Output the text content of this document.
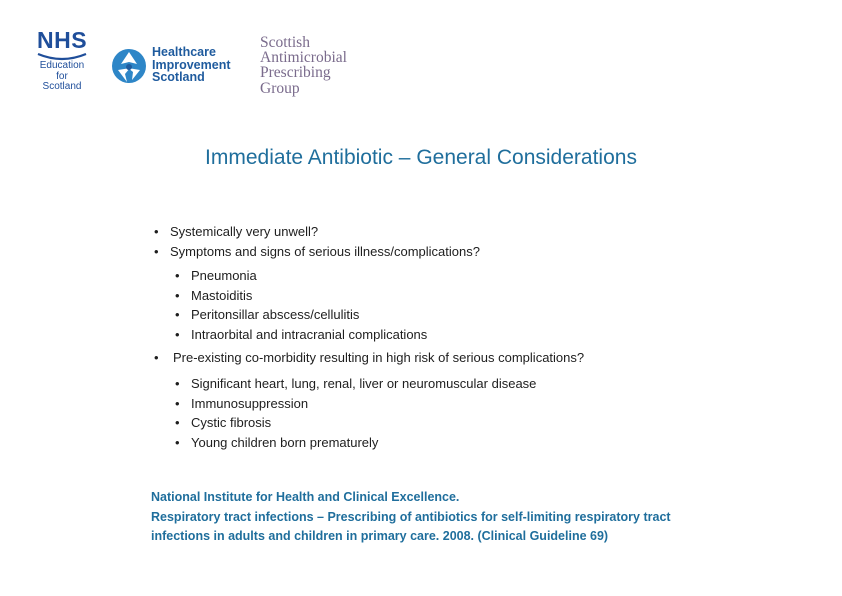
NHS
Education
for
Scotland
Healthcare
Improvement
Scotland
Scottish
Antimicrobial
Prescribing
Group
Immediate Antibiotic – General Considerations
• Systemically very unwell?
• Symptoms and signs of serious illness/complications?
• Pneumonia
• Mastoiditis
• Peritonsillar abscess/cellulitis
• Intraorbital and intracranial complications
• Pre-existing co-morbidity resulting in high risk of serious complications?
• Significant heart, lung, renal, liver or neuromuscular disease
• Immunosuppression
• Cystic fibrosis
• Young children born prematurely
National Institute for Health and Clinical Excellence.
Respiratory tract infections – Prescribing of antibiotics for self-limiting respiratory tract
infections in adults and children in primary care. 2008. (Clinical Guideline 69)
